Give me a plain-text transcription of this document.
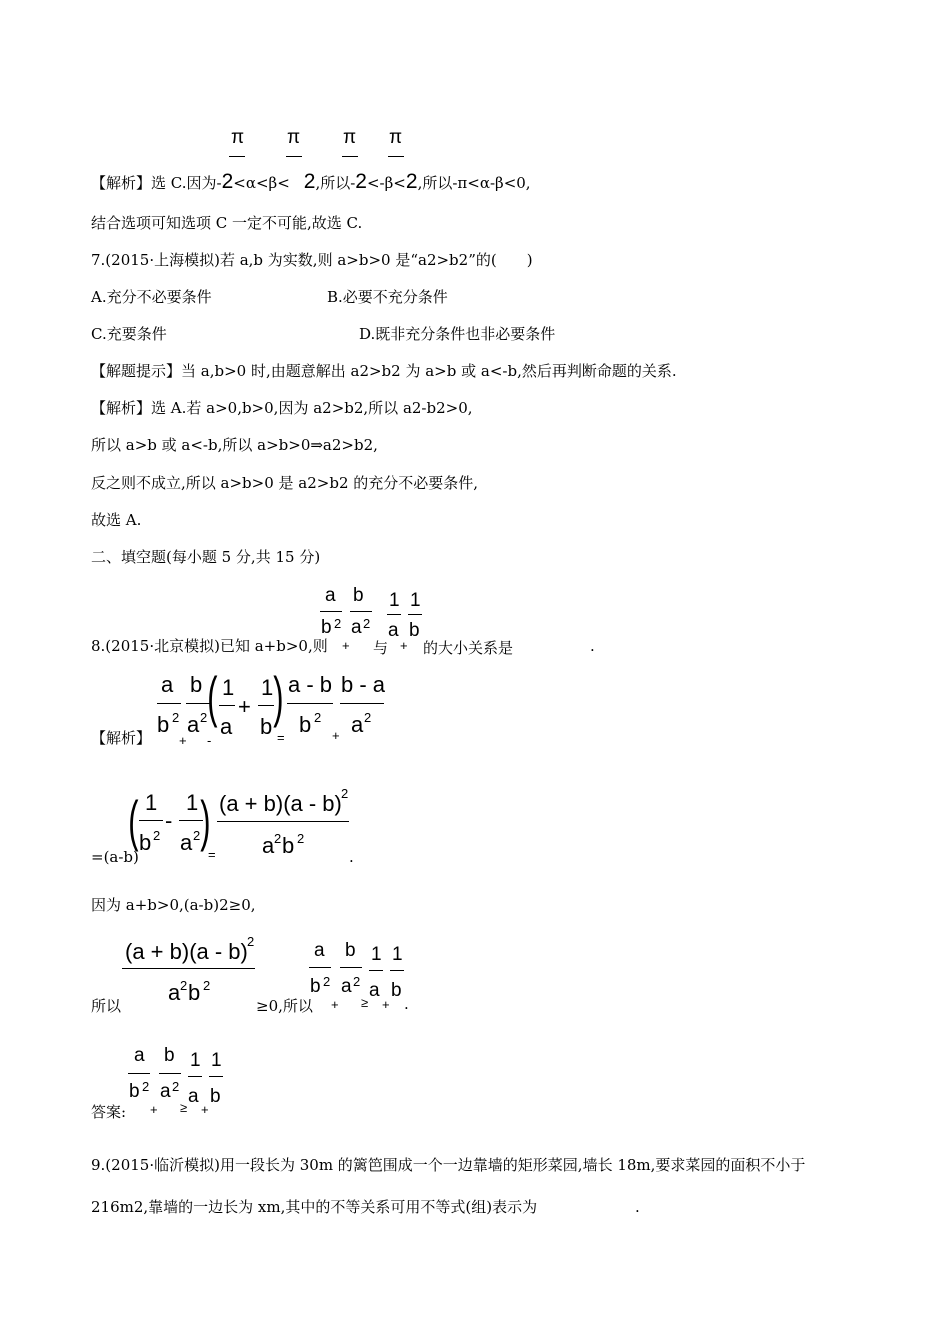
π π π π
【解析】选 C.因为-2<α<β< 2,所以-2<-β<2,所以-π<α-β<0,
结合选项可知选项 C 一定不可能,故选 C.
7.(2015·上海模拟)若 a,b 为实数,则 a>b>0 是“a2>b2”的(　　)
A.充分不必要条件	B.必要不充分条件
C.充要条件	D.既非充分条件也非必要条件
【解题提示】当 a,b>0 时,由题意解出 a2>b2 为 a>b 或 a<-b,然后再判断命题的关系.
【解析】选 A.若 a>0,b>0,因为 a2>b2,所以 a2-b2>0,
所以 a>b 或 a<-b,所以 a>b>0⇒a2>b2,
反之则不成立,所以 a>b>0 是 a2>b2 的充分不必要条件,
故选 A.
二、填空题(每小题 5 分,共 15 分)
a b 1 1
8.(2015·北京模拟)已知 a+b>0,则
b 2
+
a 2
与
a
+
b
的大小关系是	.
【解析】
a
b 2
+
b
a 2
-
( 1
a
+
1
b )
=
a - b
b 2
+
b - a
a 2
=(a-b)
( 1
b 2
-
1
a 2 )
=
(a + b)(a - b) 2
a 2 b 2
.
因为 a+b>0,(a-b)2≥0,
(a + b)(a - b) 2
a 2 b 2
所以	≥0,所以
a
b 2
+
b
a 2
≥
1
a
+
1
b
.
答案:
a
b 2
+
b
a 2
≥
1
a
+
1
b
9.(2015·临沂模拟)用一段长为 30m 的篱笆围成一个一边靠墙的矩形菜园,墙长 18m,要求菜园的面积不小于
216m2,靠墙的一边长为 xm,其中的不等关系可用不等式(组)表示为	.
